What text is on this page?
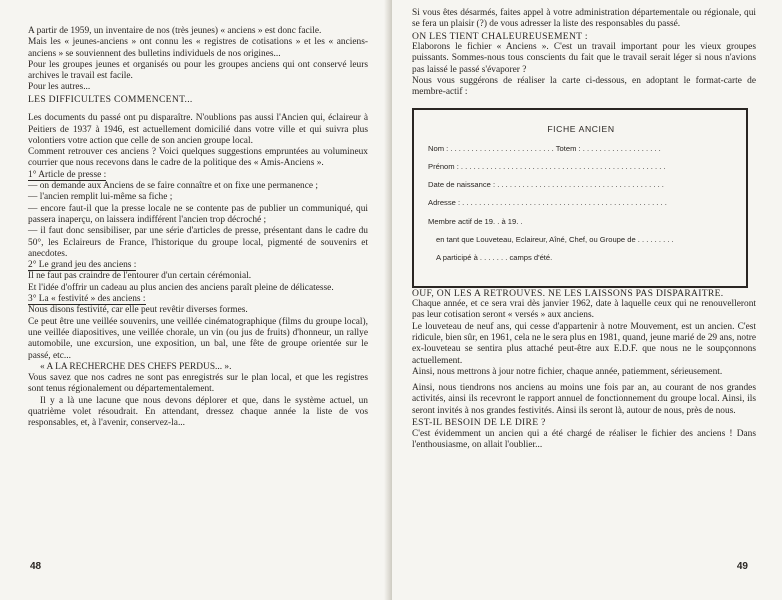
A partir de 1959, un inventaire de nos (très jeunes) « anciens » est donc facile.

Mais les « jeunes-anciens » ont connu les « registres de cotisations » et les « anciens-anciens » se souviennent des bulletins individuels de nos origines...

Pour les groupes jeunes et organisés ou pour les groupes anciens qui ont conservé leurs archives le travail est facile.

Pour les autres...

LES DIFFICULTES COMMENCENT...

Les documents du passé ont pu disparaître. N'oublions pas aussi l'Ancien qui, éclaireur à Peitiers de 1937 à 1946, est actuellement domicilié dans votre ville et qui suivra plus volontiers votre action que celle de son ancien groupe local.

Comment retrouver ces anciens ? Voici quelques suggestions empruntées au volumineux courrier que nous recevons dans le cadre de la politique des « Amis-Anciens ».

1° Article de presse :

— on demande aux Anciens de se faire connaître et on fixe une permanence ;

— l'ancien remplit lui-même sa fiche ;

— encore faut-il que la presse locale ne se contente pas de publier un communiqué, qui passera inaperçu, on laissera indifférent l'ancien trop décroché ;

— il faut donc sensibiliser, par une série d'articles de presse, présentant dans le cadre du 50°, les Eclaireurs de France, l'historique du groupe local, pigmenté de souvenirs et anecdotes.

2° Le grand jeu des anciens :

Il ne faut pas craindre de l'entourer d'un certain cérémonial.

Et l'idée d'offrir un cadeau au plus ancien des anciens paraît pleine de délicatesse.

3° La « festivité » des anciens :

Nous disons festivité, car elle peut revêtir diverses formes.

Ce peut être une veillée souvenirs, une veillée cinématographique (films du groupe local), une veillée diapositives, une veillée chorale, un vin (ou jus de fruits) d'honneur, un rallye automobile, une excursion, une exposition, un bal, une fête de groupe orientée sur le passé, etc...

« A LA RECHERCHE DES CHEFS PERDUS... ».

Vous savez que nos cadres ne sont pas enregistrés sur le plan local, et que les registres sont tenus régionalement ou départementalement.

Il y a là une lacune que nous devons déplorer et que, dans le système actuel, un quatrième volet résoudrait. En attendant, dressez chaque année la liste de vos responsables, et, à l'avenir, conservez-la...

48

Si vous êtes désarmés, faites appel à votre administration départementale ou régionale, qui se fera un plaisir (?) de vous adresser la liste des responsables du passé.

ON LES TIENT CHALEUREUSEMENT :

Elaborons le fichier « Anciens ». C'est un travail important pour les vieux groupes puissants. Sommes-nous tous conscients du fait que le travail serait léger si nous n'avions pas laissé le passé s'évaporer ?

Nous vous suggérons de réaliser la carte ci-dessous, en adoptant le format-carte de membre-actif :

FICHE ANCIEN
Nom : . . . . . . . . . . . . . . . . . . . . . . . . . Totem : . . . . . . . . . . . . . . . . . . .
Prénom : . . . . . . . . . . . . . . . . . . . . . . . . . . . . . . . . . . . . . . . . . . . . . . . . .
Date de naissance : . . . . . . . . . . . . . . . . . . . . . . . . . . . . . . . . . . . . . . . .
Adresse : . . . . . . . . . . . . . . . . . . . . . . . . . . . . . . . . . . . . . . . . . . . . . . . . .
Membre actif de 19. . à 19. .
en tant que Louveteau, Eclaireur, Aîné, Chef, ou Groupe de . . . . . . . . .
A participé à . . . . . . . camps d'été.

OUF, ON LES A RETROUVES. NE LES LAISSONS PAS DISPARAITRE.

Chaque année, et ce sera vrai dès janvier 1962, date à laquelle ceux qui ne renouvelleront pas leur cotisation seront « versés » aux anciens.

Le louveteau de neuf ans, qui cesse d'appartenir à notre Mouvement, est un ancien. C'est ridicule, bien sûr, en 1961, cela ne le sera plus en 1981, quand, jeune marié de 29 ans, notre ex-louveteau se sentira plus attaché peut-être aux E.D.F. que nous ne le soupçonnons actuellement.

Ainsi, nous mettrons à jour notre fichier, chaque année, patiemment, sérieusement.

Ainsi, nous tiendrons nos anciens au moins une fois par an, au courant de nos grandes activités, ainsi ils recevront le rapport annuel de fonctionnement du groupe local. Ainsi, ils seront invités à nos grandes festivités. Ainsi ils seront là, autour de nous, près de nous.

EST-IL BESOIN DE LE DIRE ?

C'est évidemment un ancien qui a été chargé de réaliser le fichier des anciens ! Dans l'enthousiasme, on allait l'oublier...

49
